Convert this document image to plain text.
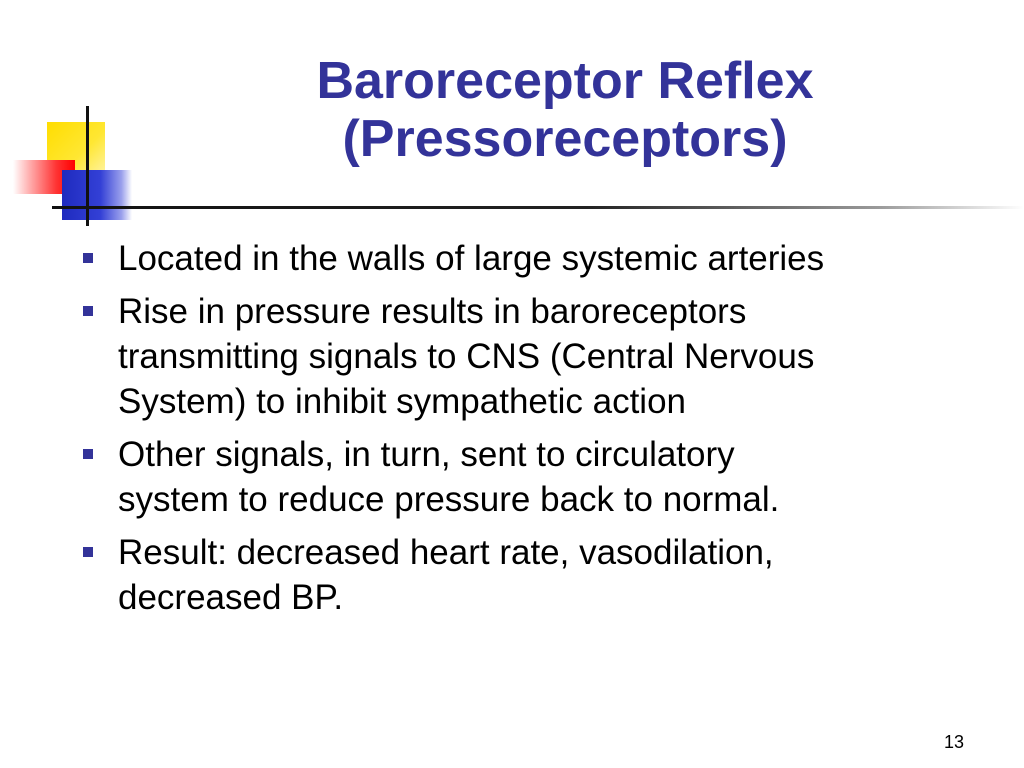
Baroreceptor Reflex
(Pressoreceptors)
Located in the walls of large systemic arteries
Rise in pressure results in baroreceptors
transmitting signals to CNS (Central Nervous
System) to inhibit sympathetic action
Other signals, in turn, sent to circulatory
system to reduce pressure back to normal.
Result: decreased heart rate, vasodilation,
decreased BP.
13
